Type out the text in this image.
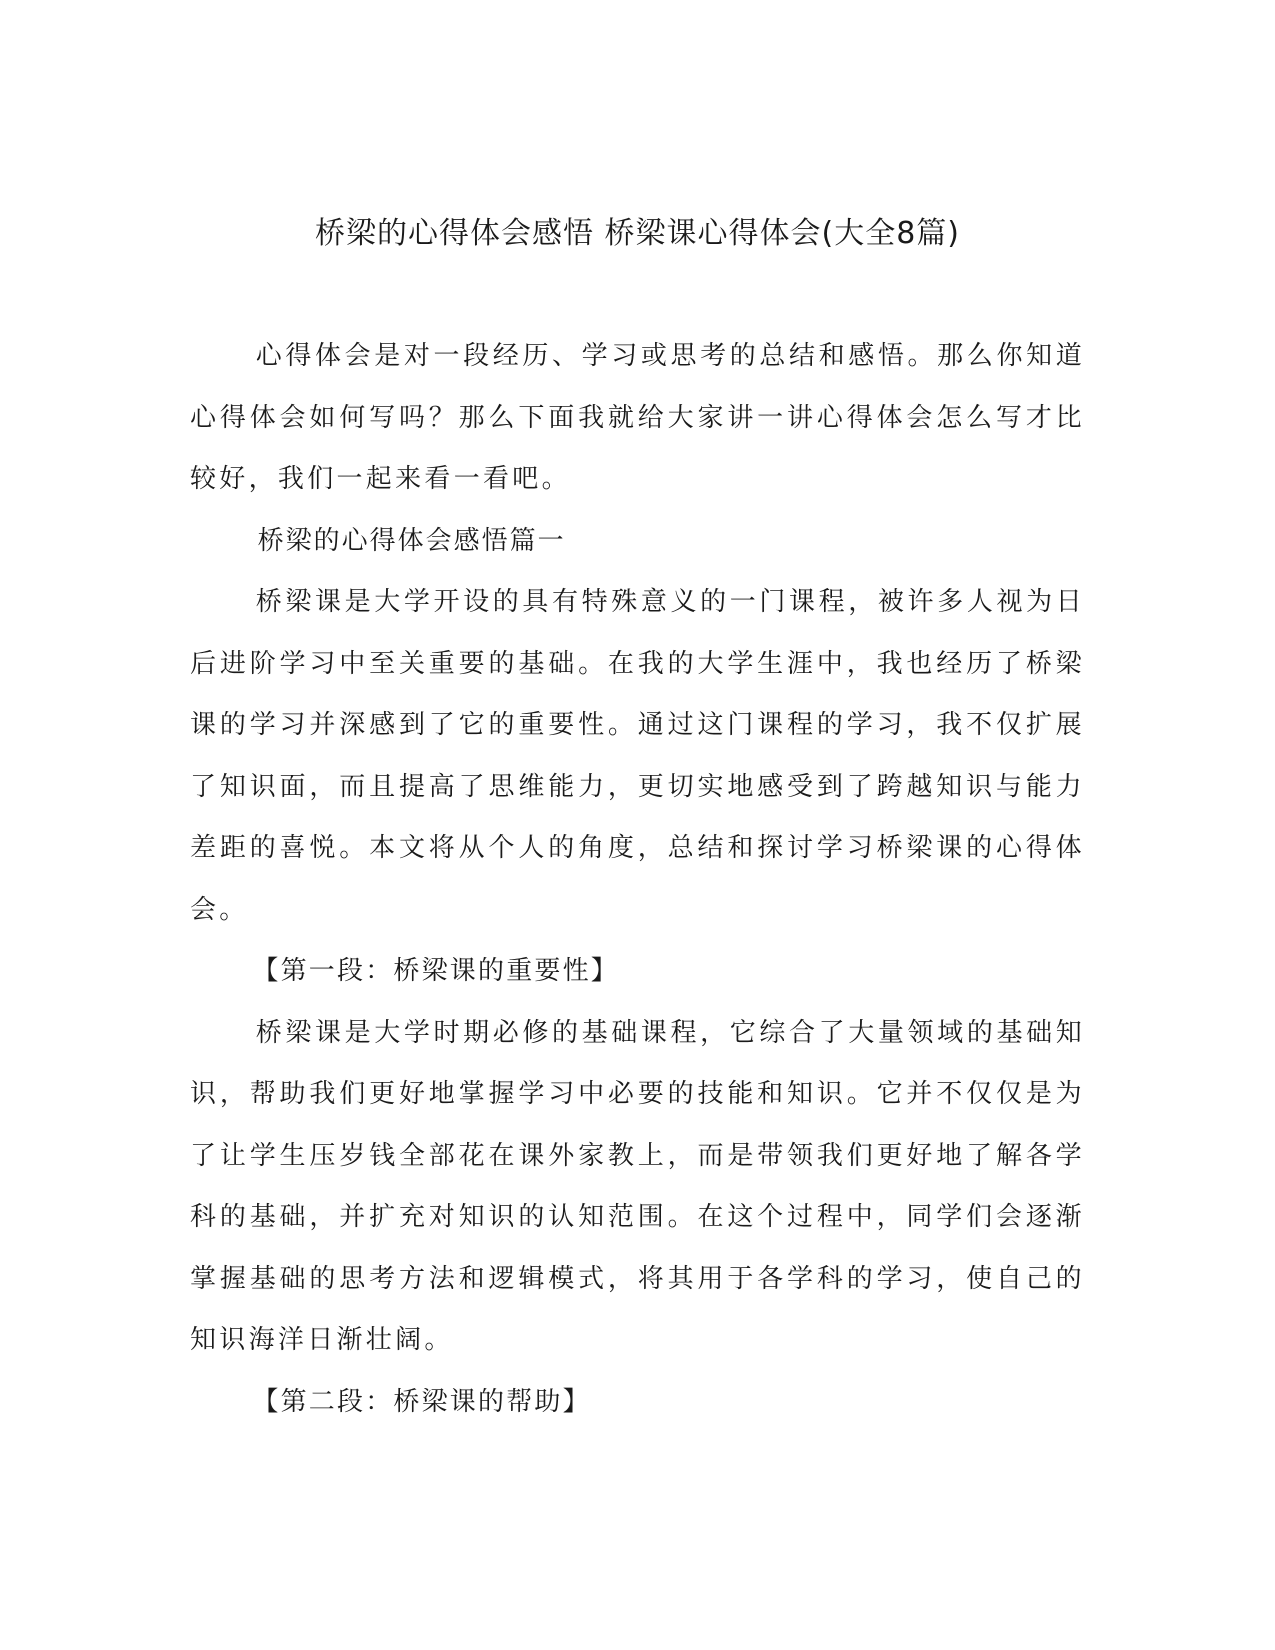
桥梁的心得体会感悟 桥梁课心得体会(大全8篇)

心得体会是对一段经历、学习或思考的总结和感悟。那么你知道心得体会如何写吗？那么下面我就给大家讲一讲心得体会怎么写才比较好，我们一起来看一看吧。

桥梁的心得体会感悟篇一

桥梁课是大学开设的具有特殊意义的一门课程，被许多人视为日后进阶学习中至关重要的基础。在我的大学生涯中，我也经历了桥梁课的学习并深感到了它的重要性。通过这门课程的学习，我不仅扩展了知识面，而且提高了思维能力，更切实地感受到了跨越知识与能力差距的喜悦。本文将从个人的角度，总结和探讨学习桥梁课的心得体会。

【第一段：桥梁课的重要性】

桥梁课是大学时期必修的基础课程，它综合了大量领域的基础知识，帮助我们更好地掌握学习中必要的技能和知识。它并不仅仅是为了让学生压岁钱全部花在课外家教上，而是带领我们更好地了解各学科的基础，并扩充对知识的认知范围。在这个过程中，同学们会逐渐掌握基础的思考方法和逻辑模式，将其用于各学科的学习，使自己的知识海洋日渐壮阔。

【第二段：桥梁课的帮助】
